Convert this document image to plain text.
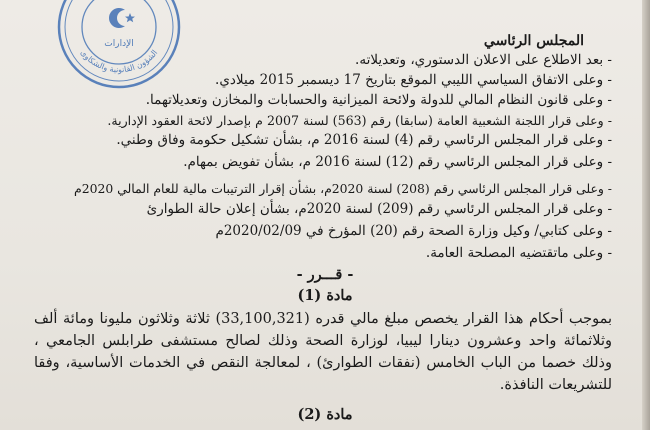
الإدارات
الشؤون القانونية والشكاوى
المجلس الرئاسي
- بعد الاطلاع على الاعلان الدستوري، وتعديلاته.
- وعلى الاتفاق السياسي الليبي الموقع بتاريخ 17 ديسمبر 2015 ميلادي.
- وعلى قانون النظام المالي للدولة ولائحة الميزانية والحسابات والمخازن وتعديلاتهما.
- وعلى قرار اللجنة الشعبية العامة (سابقا) رقم (563) لسنة 2007 م بإصدار لائحة العقود الإدارية.
- وعلى قرار المجلس الرئاسي رقم (4) لسنة 2016 م، بشأن تشكيل حكومة وفاق وطني.
- وعلى قرار المجلس الرئاسي رقم (12) لسنة 2016 م، بشأن تفويض بمهام.
- وعلى قرار المجلس الرئاسي رقم (208) لسنة 2020م، بشأن إقرار الترتيبات مالية للعام المالي 2020م
- وعلى قرار المجلس الرئاسي رقم (209) لسنة 2020م، بشأن إعلان حالة الطوارئ
- وعلى كتابي/ وكيل وزارة الصحة رقم (20) المؤرخ في 2020/02/09م
- وعلى ماتقتضيه المصلحة العامة.
- قـــرر -
مادة (1)
بموجب أحكام هذا القرار يخصص مبلغ مالي قدره (33,100,321) ثلاثة وثلاثون مليونا ومائة ألف وثلاثمائة واحد وعشرون دينارا ليبيا، لوزارة الصحة وذلك لصالح مستشفى طرابلس الجامعي ، وذلك خصما من الباب الخامس (نفقات الطوارئ) ، لمعالجة النقص في الخدمات الأساسية، وفقا للتشريعات النافذة.
مادة (2)
